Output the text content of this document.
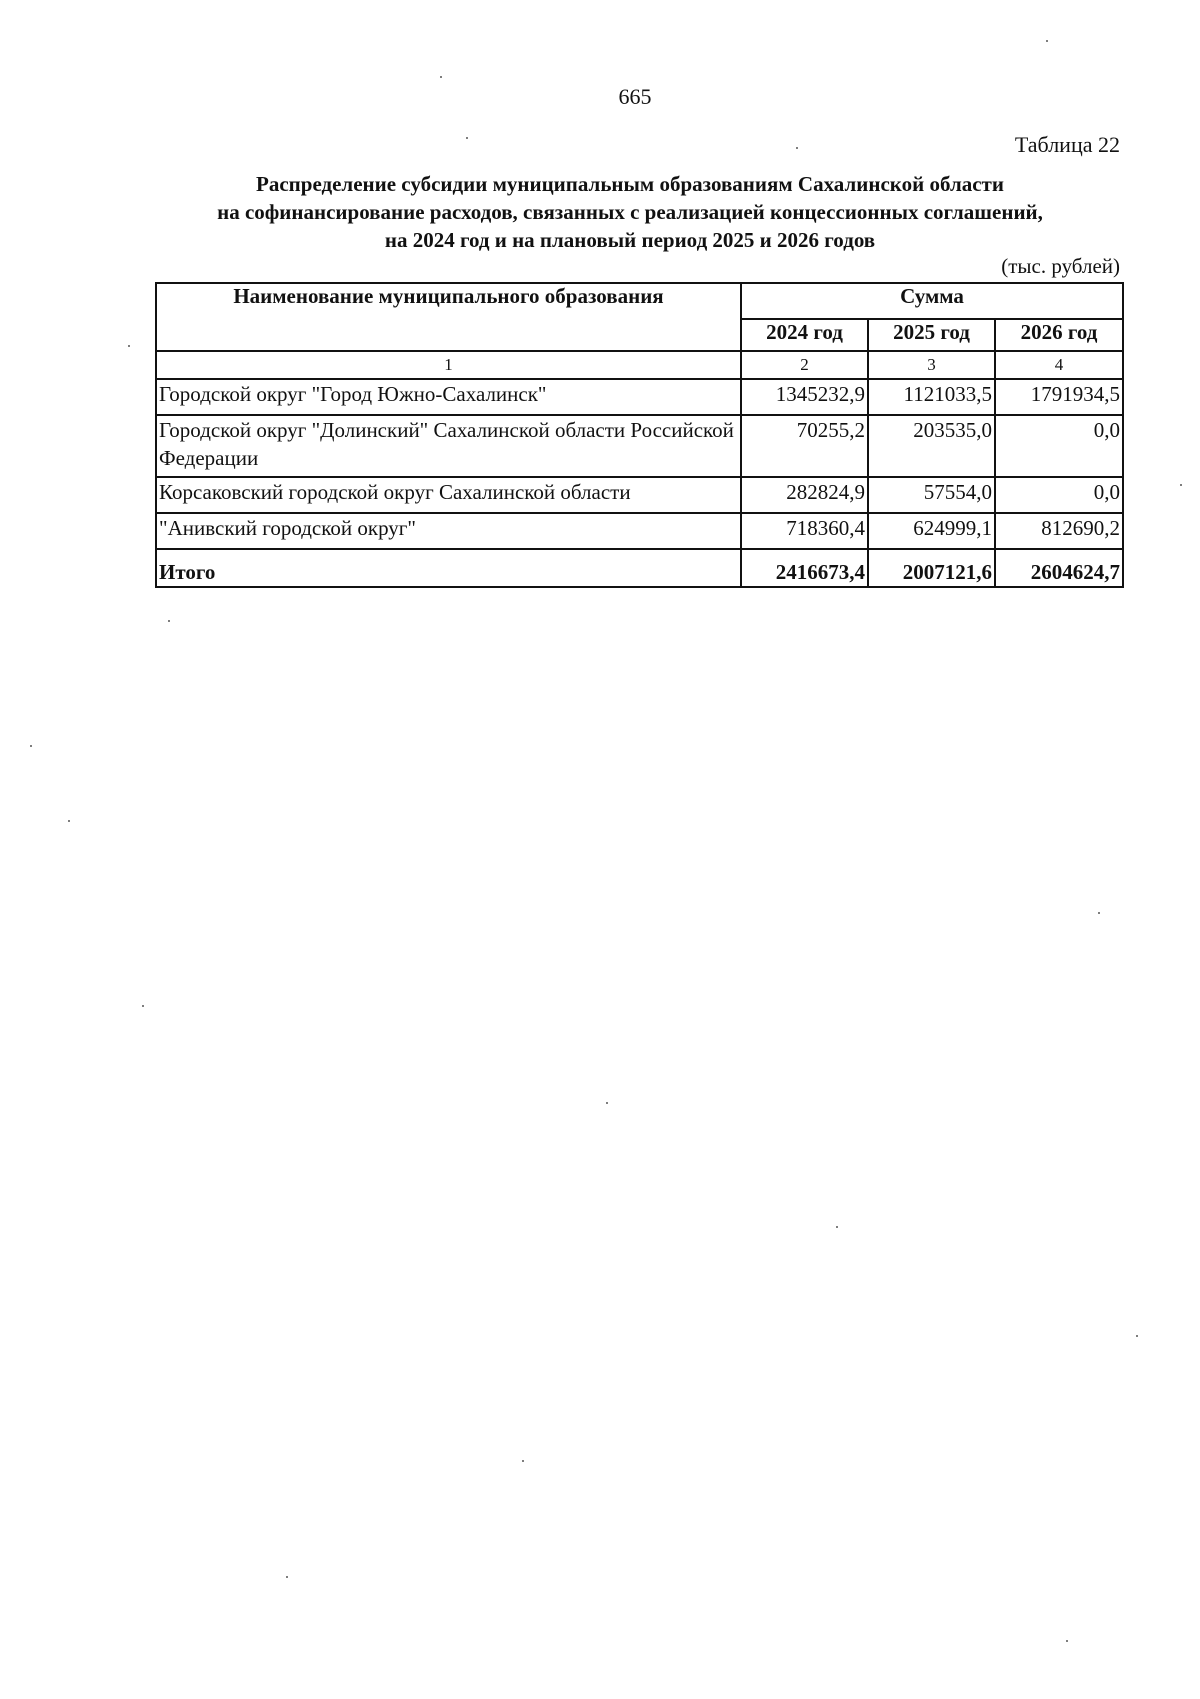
665
Таблица 22
Распределение субсидии муниципальным образованиям Сахалинской области
на софинансирование расходов, связанных с реализацией концессионных соглашений,
на 2024 год и на плановый период 2025 и 2026 годов
(тыс. рублей)
Наименование муниципального образования	Сумма		
	2024 год	2025 год	2026 год
1	2	3	4
Городской округ "Город Южно-Сахалинск"	1345232,9	1121033,5	1791934,5
Городской округ "Долинский" Сахалинской области Российской Федерации	70255,2	203535,0	0,0
Корсаковский городской округ Сахалинской области	282824,9	57554,0	0,0
"Анивский городской округ"	718360,4	624999,1	812690,2
Итого	2416673,4	2007121,6	2604624,7
